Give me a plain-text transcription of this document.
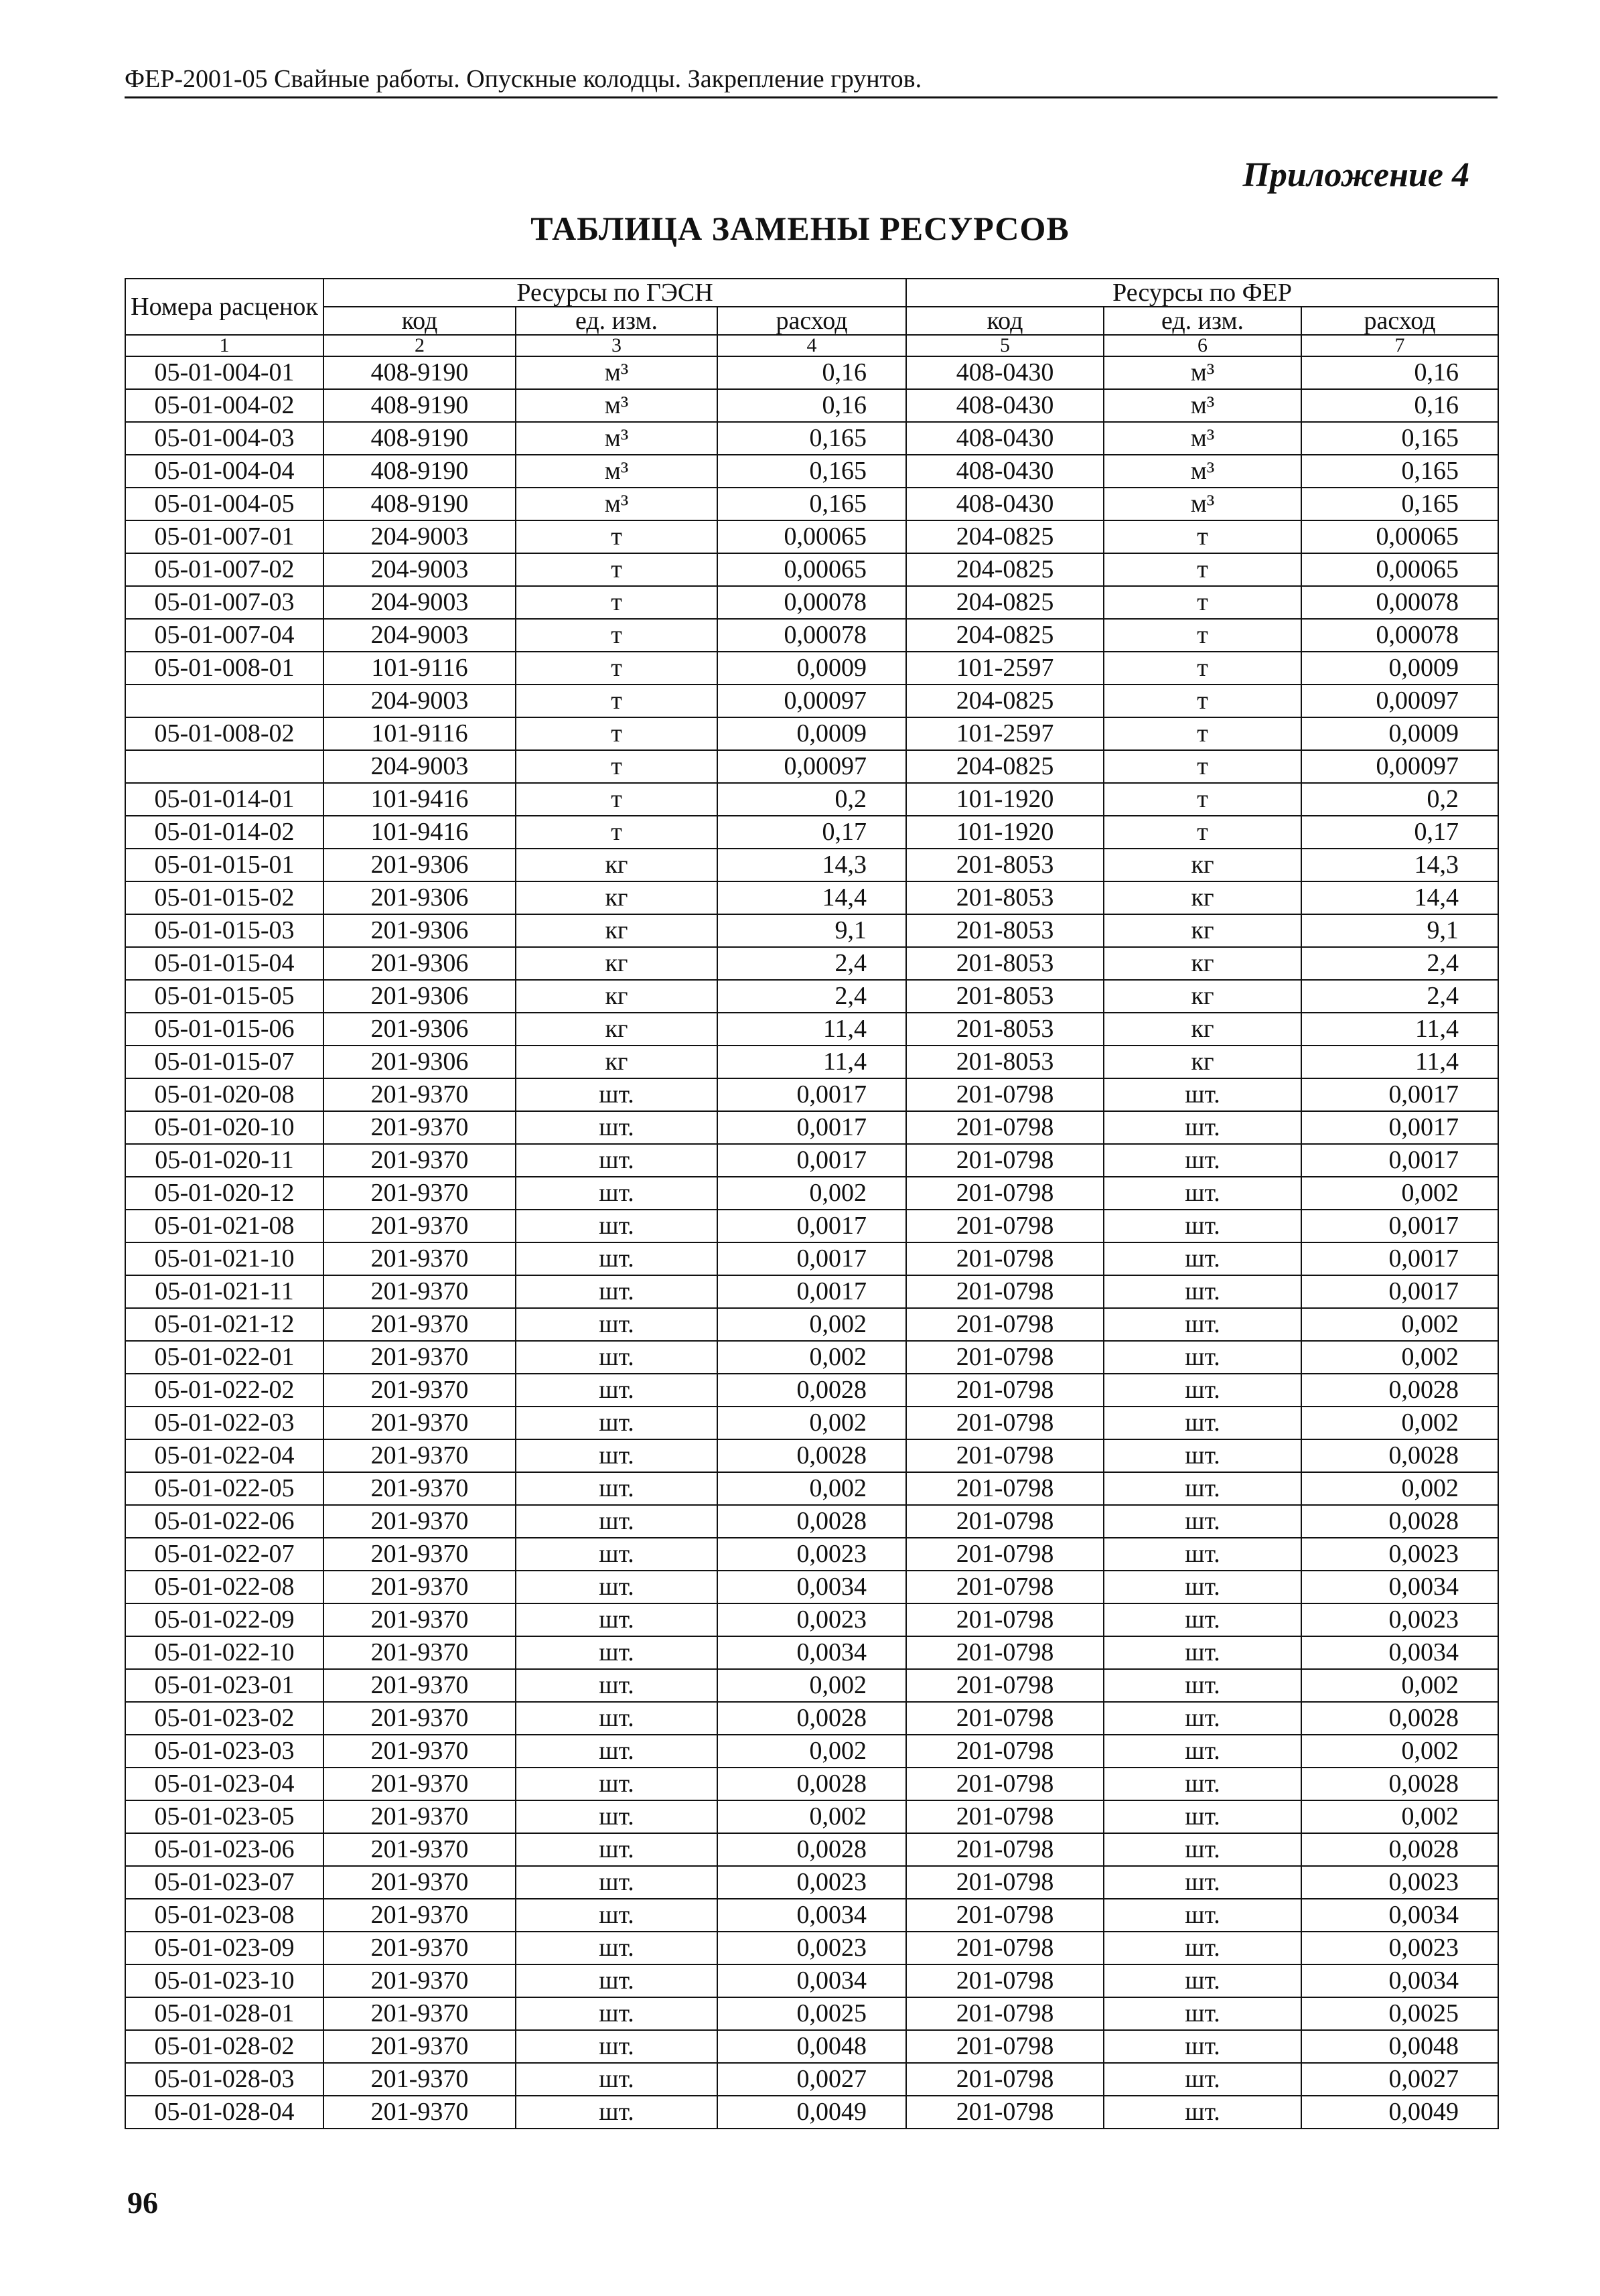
ФЕР-2001-05 Свайные работы. Опускные колодцы. Закрепление грунтов.
Приложение 4
ТАБЛИЦА ЗАМЕНЫ РЕСУРСОВ
Номера расценок	Ресурсы по ГЭСН			Ресурсы по ФЕР		
	код	ед. изм.	расход	код	ед. изм.	расход
1	2	3	4	5	6	7
05-01-004-01	408-9190	м³	0,16	408-0430	м³	0,16
05-01-004-02	408-9190	м³	0,16	408-0430	м³	0,16
05-01-004-03	408-9190	м³	0,165	408-0430	м³	0,165
05-01-004-04	408-9190	м³	0,165	408-0430	м³	0,165
05-01-004-05	408-9190	м³	0,165	408-0430	м³	0,165
05-01-007-01	204-9003	т	0,00065	204-0825	т	0,00065
05-01-007-02	204-9003	т	0,00065	204-0825	т	0,00065
05-01-007-03	204-9003	т	0,00078	204-0825	т	0,00078
05-01-007-04	204-9003	т	0,00078	204-0825	т	0,00078
05-01-008-01	101-9116	т	0,0009	101-2597	т	0,0009
	204-9003	т	0,00097	204-0825	т	0,00097
05-01-008-02	101-9116	т	0,0009	101-2597	т	0,0009
	204-9003	т	0,00097	204-0825	т	0,00097
05-01-014-01	101-9416	т	0,2	101-1920	т	0,2
05-01-014-02	101-9416	т	0,17	101-1920	т	0,17
05-01-015-01	201-9306	кг	14,3	201-8053	кг	14,3
05-01-015-02	201-9306	кг	14,4	201-8053	кг	14,4
05-01-015-03	201-9306	кг	9,1	201-8053	кг	9,1
05-01-015-04	201-9306	кг	2,4	201-8053	кг	2,4
05-01-015-05	201-9306	кг	2,4	201-8053	кг	2,4
05-01-015-06	201-9306	кг	11,4	201-8053	кг	11,4
05-01-015-07	201-9306	кг	11,4	201-8053	кг	11,4
05-01-020-08	201-9370	шт.	0,0017	201-0798	шт.	0,0017
05-01-020-10	201-9370	шт.	0,0017	201-0798	шт.	0,0017
05-01-020-11	201-9370	шт.	0,0017	201-0798	шт.	0,0017
05-01-020-12	201-9370	шт.	0,002	201-0798	шт.	0,002
05-01-021-08	201-9370	шт.	0,0017	201-0798	шт.	0,0017
05-01-021-10	201-9370	шт.	0,0017	201-0798	шт.	0,0017
05-01-021-11	201-9370	шт.	0,0017	201-0798	шт.	0,0017
05-01-021-12	201-9370	шт.	0,002	201-0798	шт.	0,002
05-01-022-01	201-9370	шт.	0,002	201-0798	шт.	0,002
05-01-022-02	201-9370	шт.	0,0028	201-0798	шт.	0,0028
05-01-022-03	201-9370	шт.	0,002	201-0798	шт.	0,002
05-01-022-04	201-9370	шт.	0,0028	201-0798	шт.	0,0028
05-01-022-05	201-9370	шт.	0,002	201-0798	шт.	0,002
05-01-022-06	201-9370	шт.	0,0028	201-0798	шт.	0,0028
05-01-022-07	201-9370	шт.	0,0023	201-0798	шт.	0,0023
05-01-022-08	201-9370	шт.	0,0034	201-0798	шт.	0,0034
05-01-022-09	201-9370	шт.	0,0023	201-0798	шт.	0,0023
05-01-022-10	201-9370	шт.	0,0034	201-0798	шт.	0,0034
05-01-023-01	201-9370	шт.	0,002	201-0798	шт.	0,002
05-01-023-02	201-9370	шт.	0,0028	201-0798	шт.	0,0028
05-01-023-03	201-9370	шт.	0,002	201-0798	шт.	0,002
05-01-023-04	201-9370	шт.	0,0028	201-0798	шт.	0,0028
05-01-023-05	201-9370	шт.	0,002	201-0798	шт.	0,002
05-01-023-06	201-9370	шт.	0,0028	201-0798	шт.	0,0028
05-01-023-07	201-9370	шт.	0,0023	201-0798	шт.	0,0023
05-01-023-08	201-9370	шт.	0,0034	201-0798	шт.	0,0034
05-01-023-09	201-9370	шт.	0,0023	201-0798	шт.	0,0023
05-01-023-10	201-9370	шт.	0,0034	201-0798	шт.	0,0034
05-01-028-01	201-9370	шт.	0,0025	201-0798	шт.	0,0025
05-01-028-02	201-9370	шт.	0,0048	201-0798	шт.	0,0048
05-01-028-03	201-9370	шт.	0,0027	201-0798	шт.	0,0027
05-01-028-04	201-9370	шт.	0,0049	201-0798	шт.	0,0049
96
